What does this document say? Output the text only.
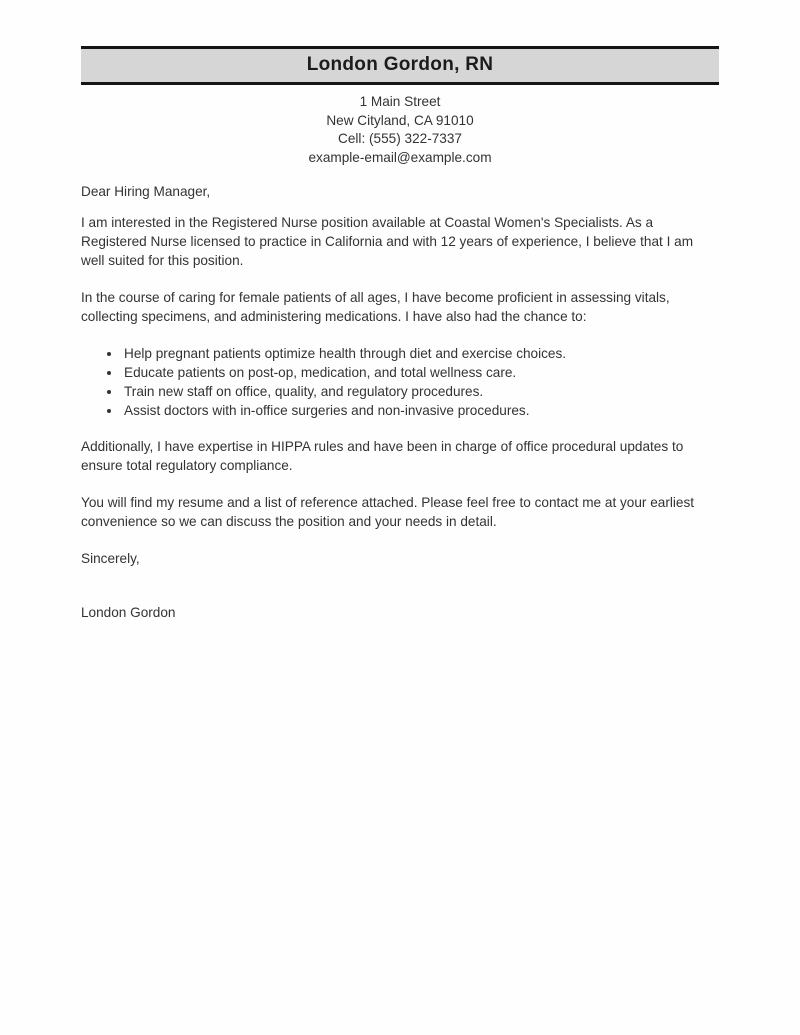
London Gordon, RN
1 Main Street
New Cityland, CA 91010
Cell: (555) 322-7337
example-email@example.com
Dear Hiring Manager,

I am interested in the Registered Nurse position available at Coastal Women's Specialists. As a Registered Nurse licensed to practice in California and with 12 years of experience, I believe that I am well suited for this position.

In the course of caring for female patients of all ages, I have become proficient in assessing vitals, collecting specimens, and administering medications. I have also had the chance to:

• Help pregnant patients optimize health through diet and exercise choices.
• Educate patients on post-op, medication, and total wellness care.
• Train new staff on office, quality, and regulatory procedures.
• Assist doctors with in-office surgeries and non-invasive procedures.

Additionally, I have expertise in HIPPA rules and have been in charge of office procedural updates to ensure total regulatory compliance.

You will find my resume and a list of reference attached. Please feel free to contact me at your earliest convenience so we can discuss the position and your needs in detail.

Sincerely,
London Gordon
